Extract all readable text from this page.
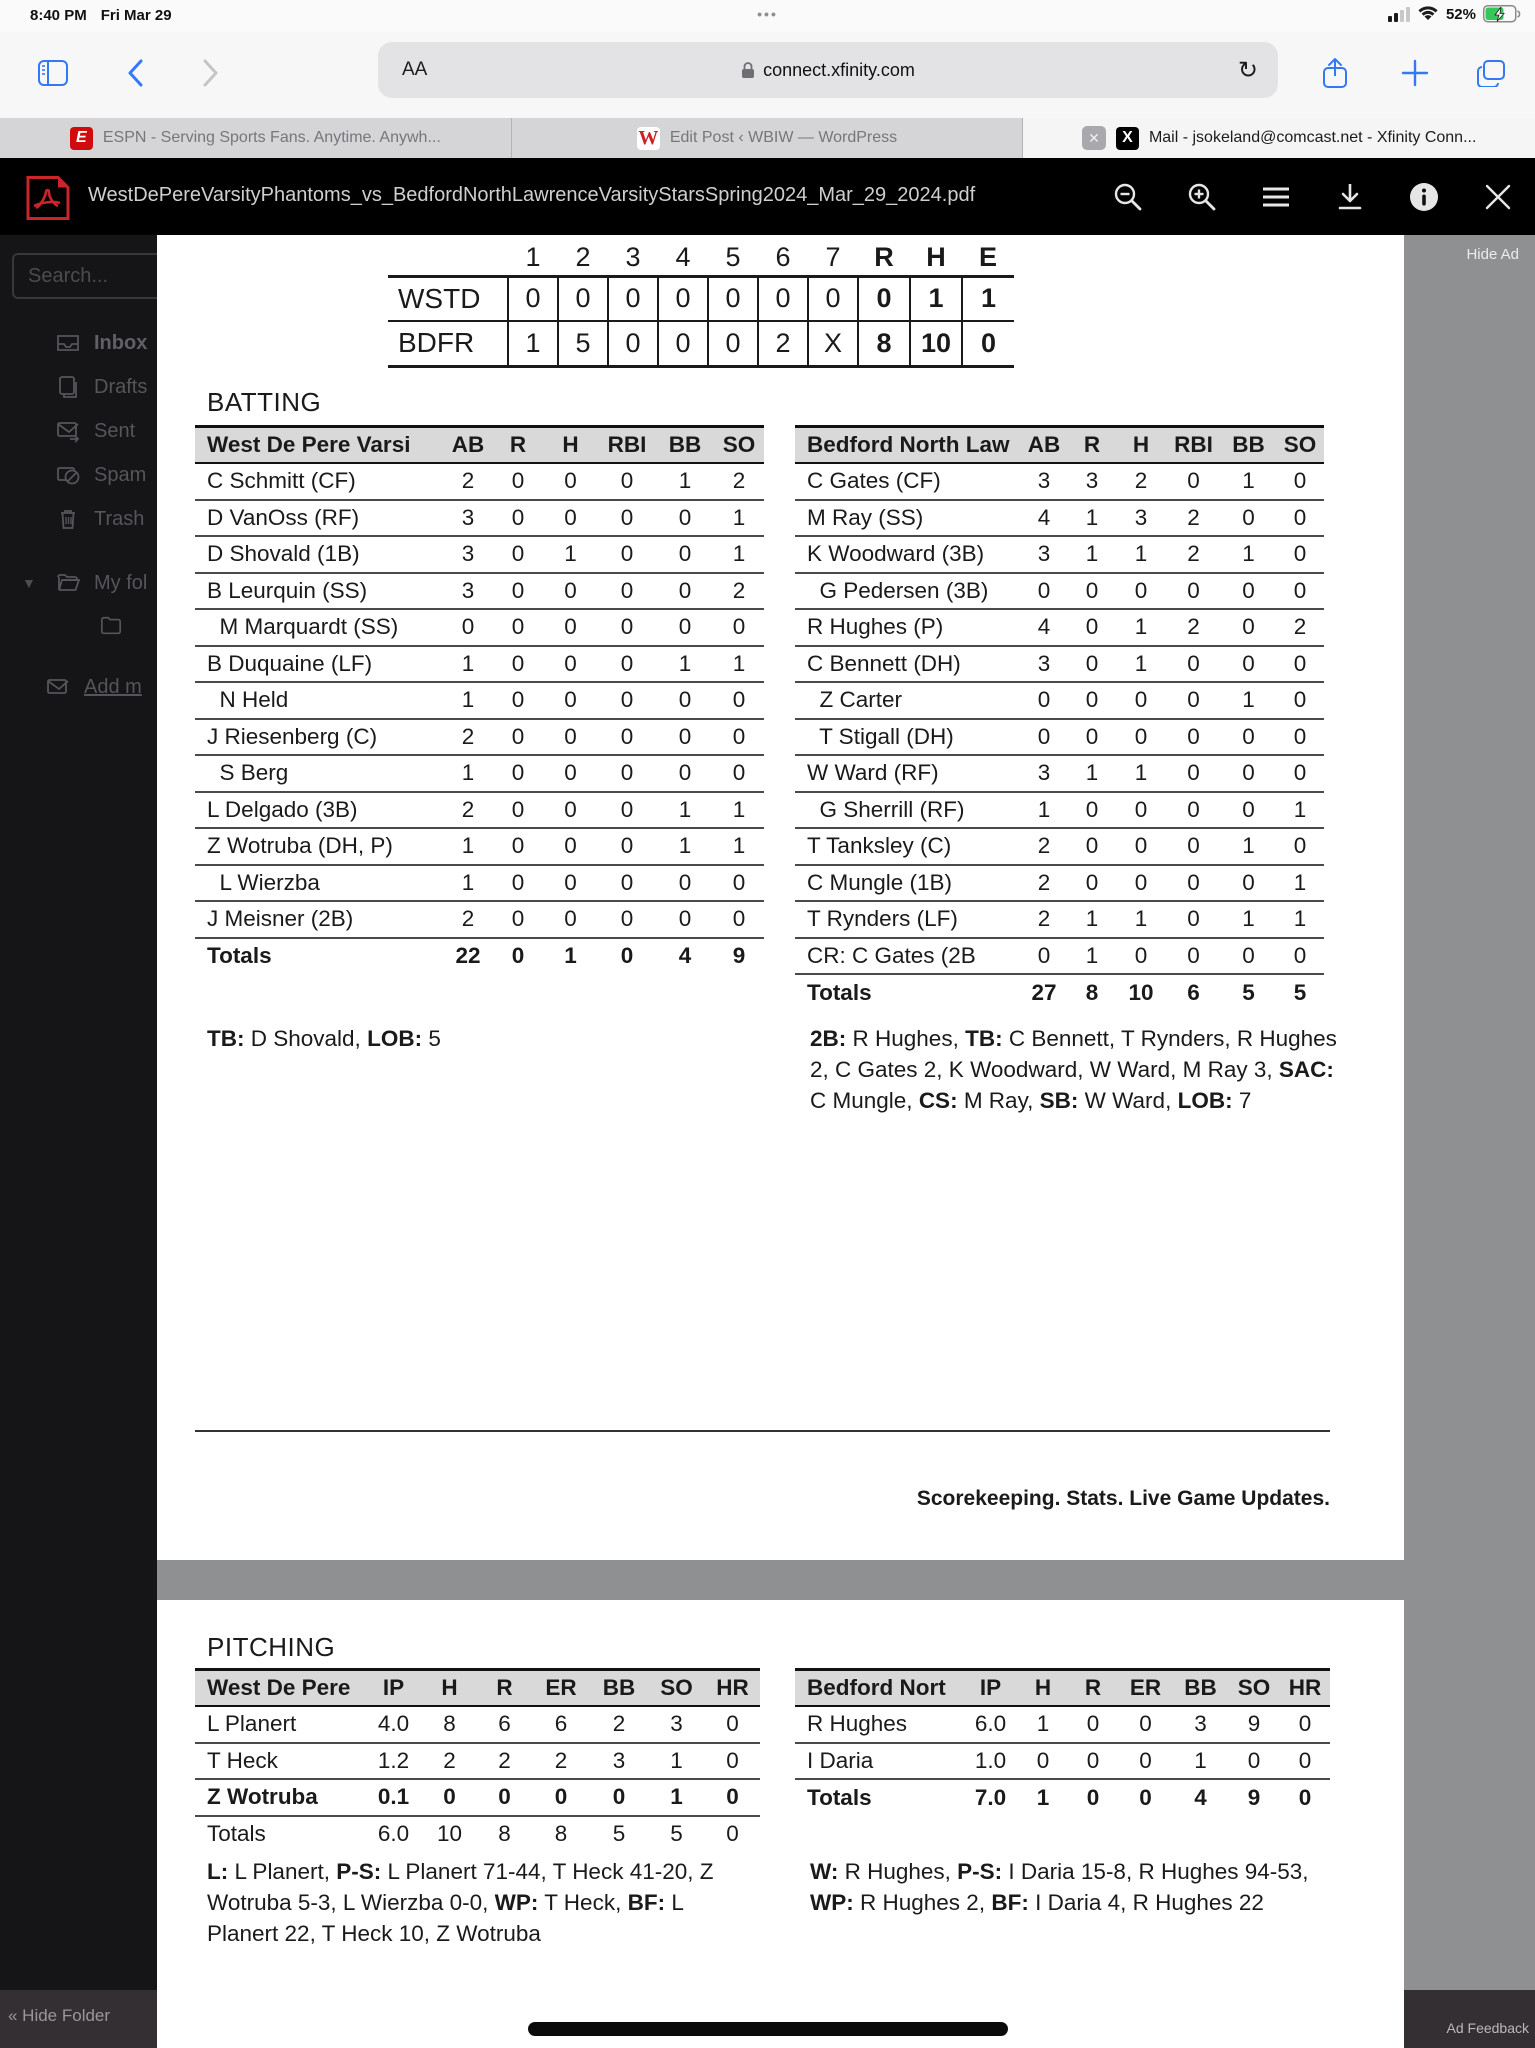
8:40 PM Fri Mar 29	•••	52%
AA	connect.xfinity.com	↻
E	ESPN - Serving Sports Fans. Anytime. Anywh...	W Edit Post ‹ WBIW — WordPress	✕	X	Mail - jsokeland@comcast.net - Xfinity Conn...
WestDePereVarsityPhantoms_vs_BedfordNorthLawrenceVarsityStarsSpring2024_Mar_29_2024.pdf
Search...
Inbox
Drafts
Sent
Spam
Trash
▼	My fol
Add m
Hide Ad
	1	2	3	4	5	6	7	R	H	E
WSTD	0	0	0	0	0	0	0	0	1	1
BDFR	1	5	0	0	0	2	X	8	10	0
BATTING
West De Pere Varsi	AB	R	H	RBI	BB	SO
C Schmitt (CF)	2	0	0	0	1	2
D VanOss (RF)	3	0	0	0	0	1
D Shovald (1B)	3	0	1	0	0	1
B Leurquin (SS)	3	0	0	0	0	2
M Marquardt (SS)	0	0	0	0	0	0
B Duquaine (LF)	1	0	0	0	1	1
N Held	1	0	0	0	0	0
J Riesenberg (C)	2	0	0	0	0	0
S Berg	1	0	0	0	0	0
L Delgado (3B)	2	0	0	0	1	1
Z Wotruba (DH, P)	1	0	0	0	1	1
L Wierzba	1	0	0	0	0	0
J Meisner (2B)	2	0	0	0	0	0
Totals	22	0	1	0	4	9
Bedford North Law	AB	R	H	RBI	BB	SO
C Gates (CF)	3	3	2	0	1	0
M Ray (SS)	4	1	3	2	0	0
K Woodward (3B)	3	1	1	2	1	0
G Pedersen (3B)	0	0	0	0	0	0
R Hughes (P)	4	0	1	2	0	2
C Bennett (DH)	3	0	1	0	0	0
Z Carter	0	0	0	0	1	0
T Stigall (DH)	0	0	0	0	0	0
W Ward (RF)	3	1	1	0	0	0
G Sherrill (RF)	1	0	0	0	0	1
T Tanksley (C)	2	0	0	0	1	0
C Mungle (1B)	2	0	0	0	0	1
T Rynders (LF)	2	1	1	0	1	1
CR: C Gates (2B	0	1	0	0	0	0
Totals	27	8	10	6	5	5
TB: D Shovald, LOB: 5	2B: R Hughes, TB: C Bennett, T Rynders, R Hughes 2, C Gates 2, K Woodward, W Ward, M Ray 3, SAC: C Mungle, CS: M Ray, SB: W Ward, LOB: 7
Scorekeeping. Stats. Live Game Updates.
PITCHING
West De Pere	IP	H	R	ER	BB	SO	HR
L Planert	4.0	8	6	6	2	3	0
T Heck	1.2	2	2	2	3	1	0
Z Wotruba	0.1	0	0	0	0	1	0
Totals	6.0	10	8	8	5	5	0
Bedford Nort	IP	H	R	ER	BB	SO	HR
R Hughes	6.0	1	0	0	3	9	0
I Daria	1.0	0	0	0	1	0	0
Totals	7.0	1	0	0	4	9	0
L: L Planert, P-S: L Planert 71-44, T Heck 41-20, Z Wotruba 5-3, L Wierzba 0-0, WP: T Heck, BF: L Planert 22, T Heck 10, Z Wotruba
W: R Hughes, P-S: I Daria 15-8, R Hughes 94-53, WP: R Hughes 2, BF: I Daria 4, R Hughes 22
« Hide Folder
Ad Feedback
